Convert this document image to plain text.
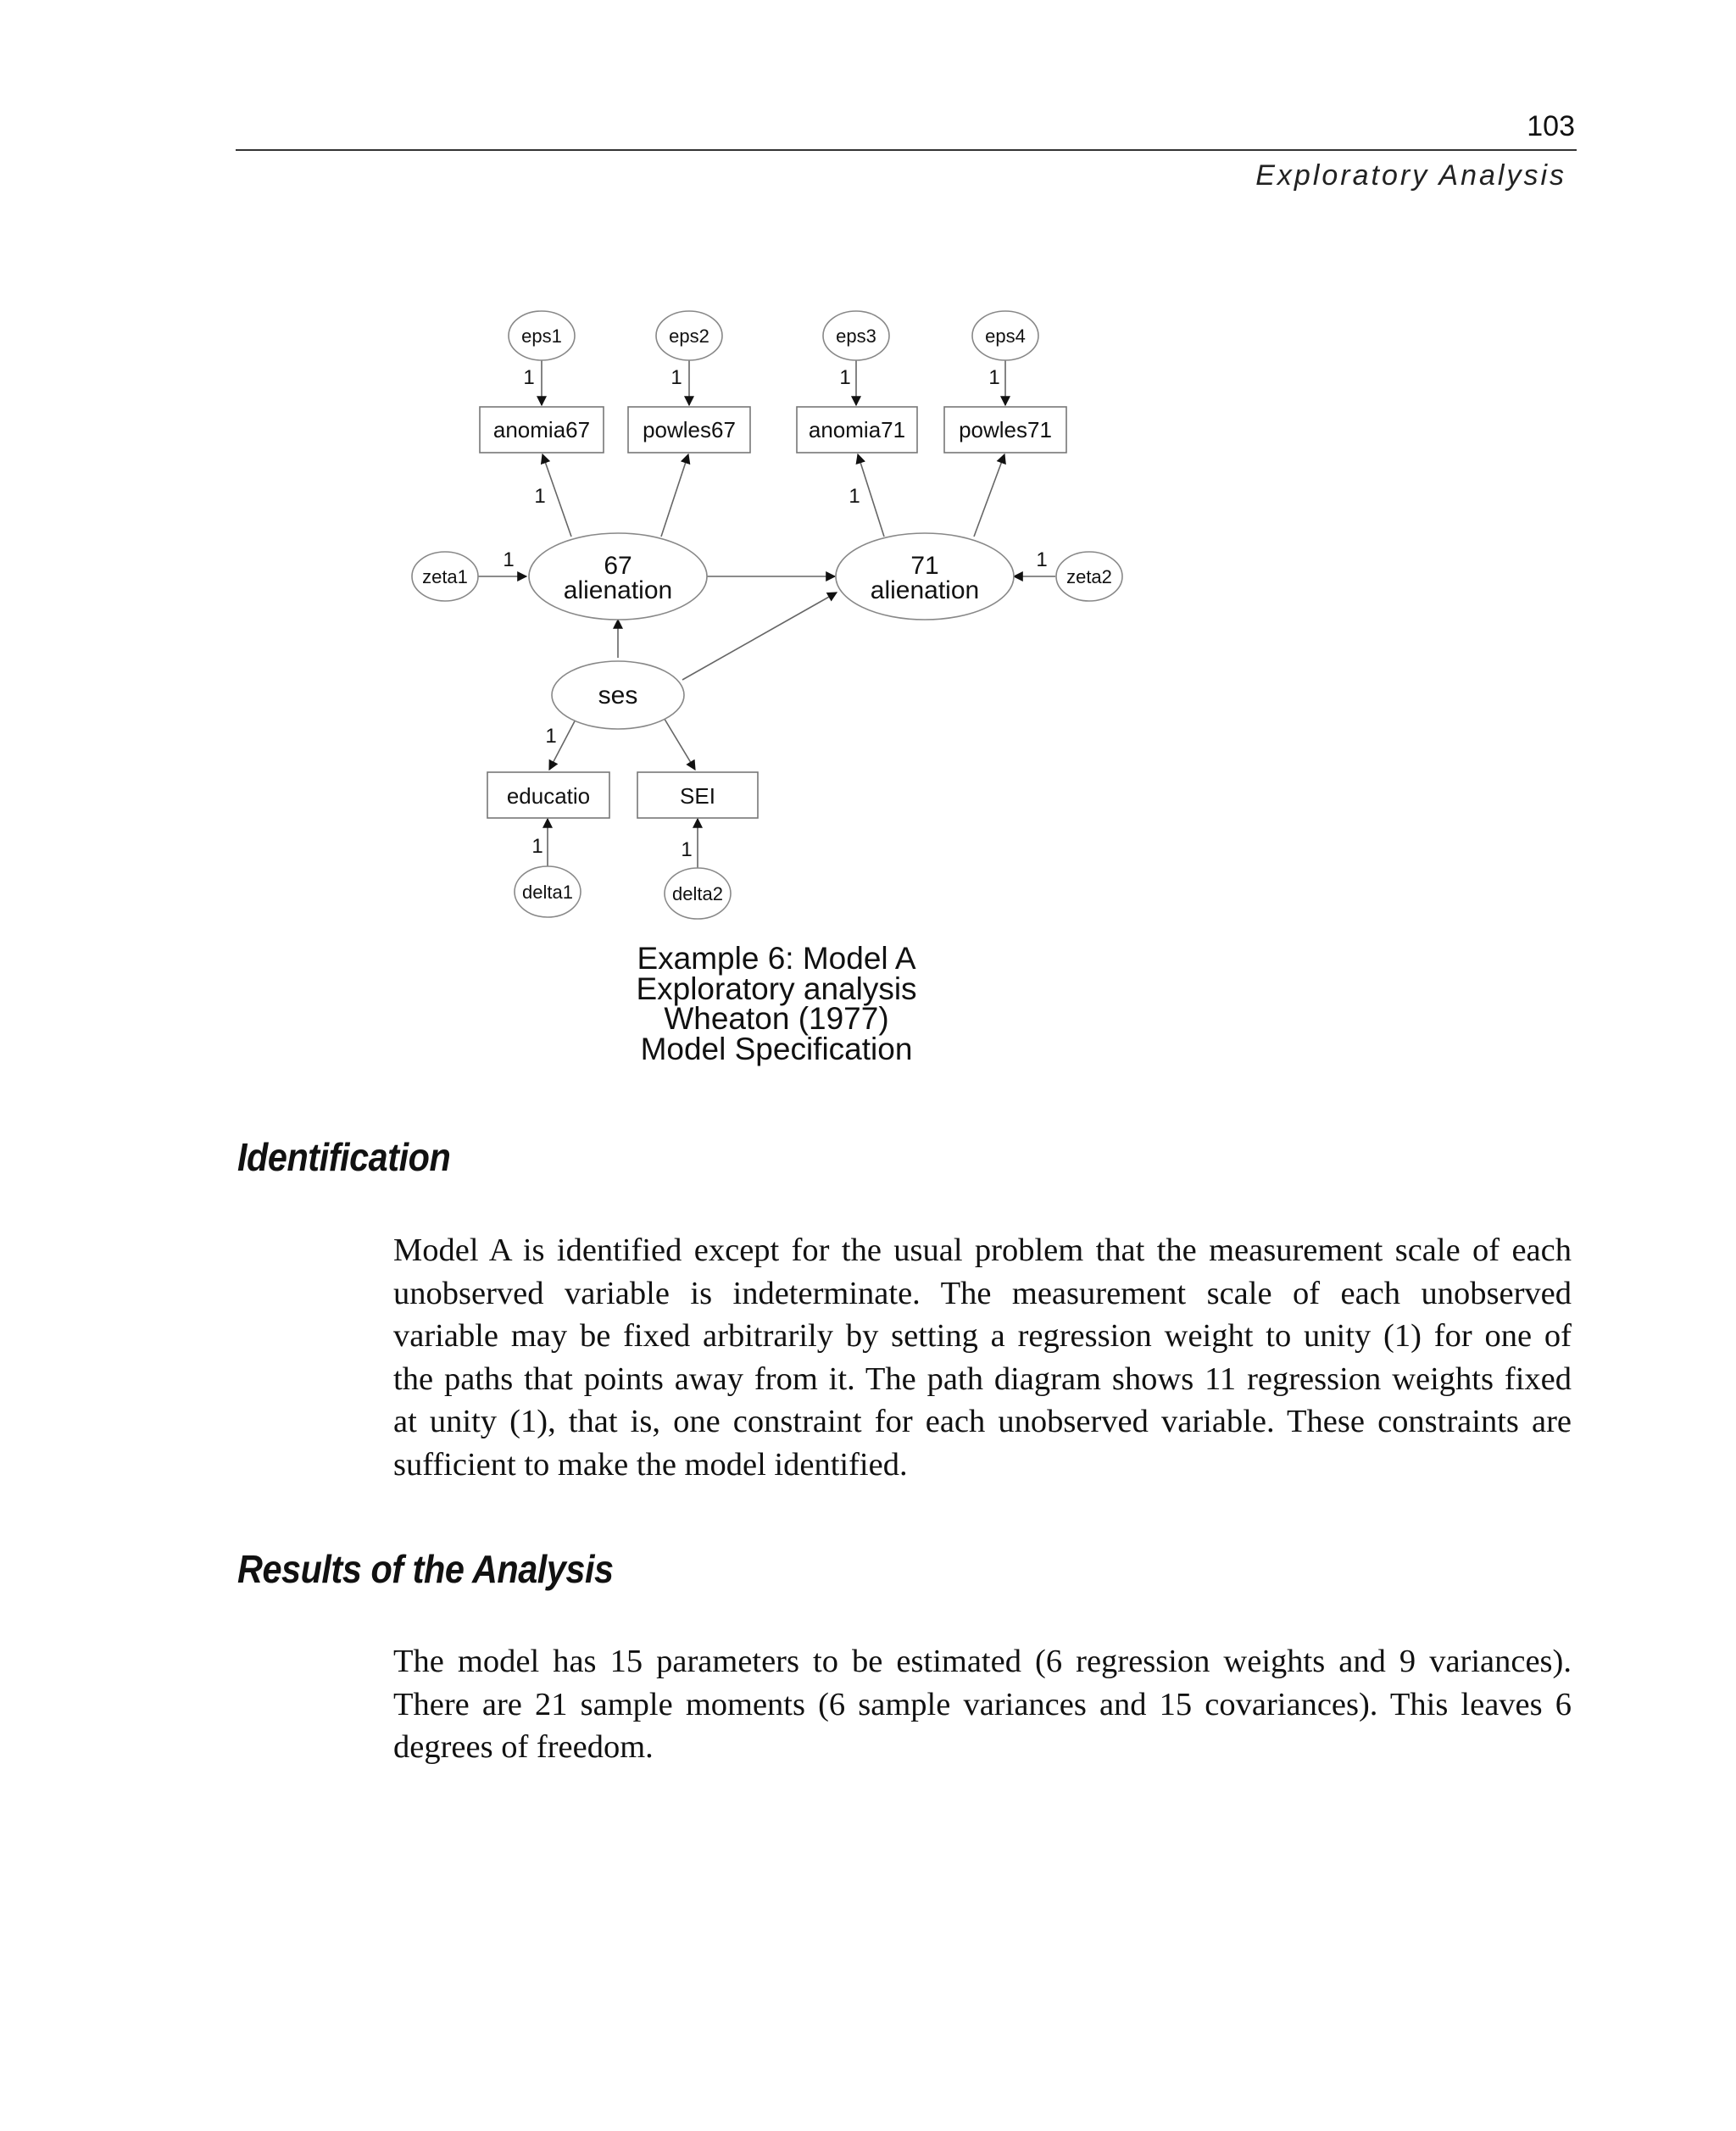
103
Exploratory Analysis
eps1	eps2	eps3	eps4
zeta1	zeta2
delta1	delta2
anomia67 powles67	anomia71 powles71
educatio	SEI
67
alienation
71
alienation
ses
1	1	1	1
1	1
1	1
1
1	1
Example 6: Model A
Exploratory analysis
Wheaton (1977)
Model Specification
Identification
Model A is identified except for the usual problem that the measurement scale of each
unobserved variable is indeterminate. The measurement scale of each unobserved
variable may be fixed arbitrarily by setting a regression weight to unity (1) for one of
the paths that points away from it. The path diagram shows 11 regression weights fixed
at unity (1), that is, one constraint for each unobserved variable. These constraints are
sufficient to make the model identified.
Results of the Analysis
The model has 15 parameters to be estimated (6 regression weights and 9 variances).
There are 21 sample moments (6 sample variances and 15 covariances). This leaves 6
degrees of freedom.
